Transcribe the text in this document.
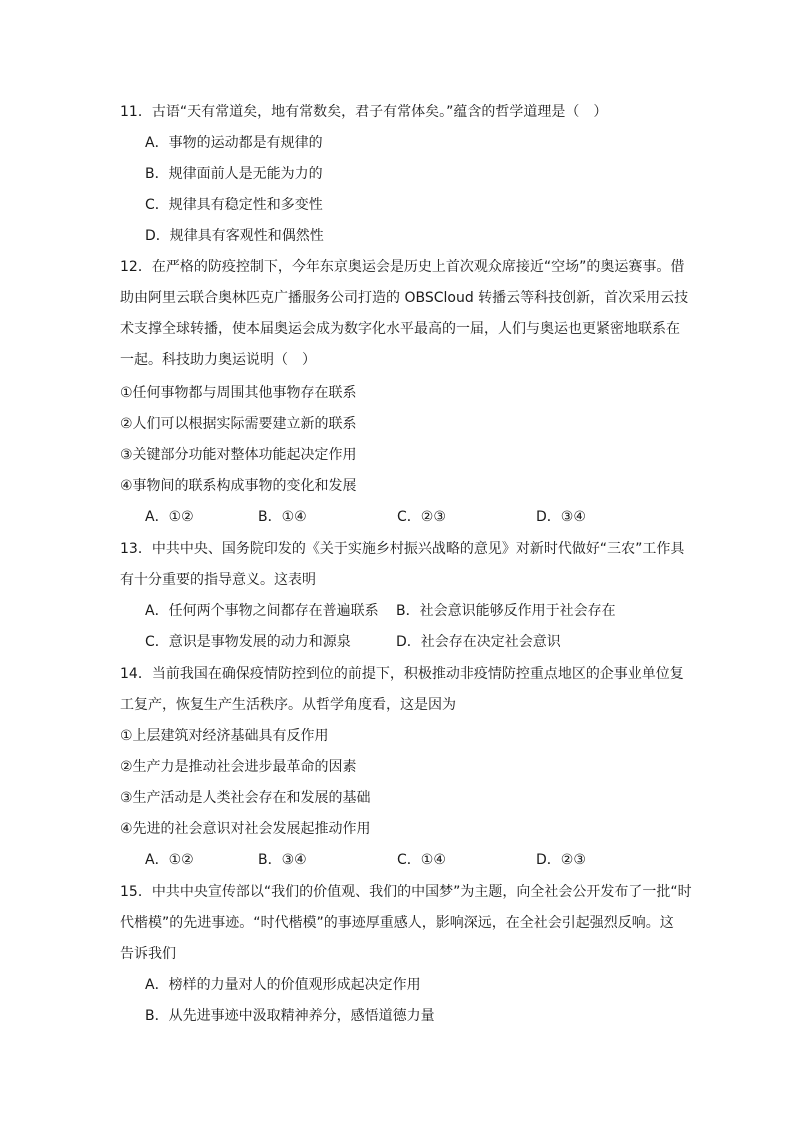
11．古语“天有常道矣，地有常数矣，君子有常体矣。”蕴含的哲学道理是（　）
A．事物的运动都是有规律的
B．规律面前人是无能为力的
C．规律具有稳定性和多变性
D．规律具有客观性和偶然性
12．在严格的防疫控制下，今年东京奥运会是历史上首次观众席接近“空场”的奥运赛事。借
助由阿里云联合奥林匹克广播服务公司打造的 OBSCloud 转播云等科技创新，首次采用云技
术支撑全球转播，使本届奥运会成为数字化水平最高的一届，人们与奥运也更紧密地联系在
一起。科技助力奥运说明（　）
①任何事物都与周围其他事物存在联系
②人们可以根据实际需要建立新的联系
③关键部分功能对整体功能起决定作用
④事物间的联系构成事物的变化和发展
A．①②	B．①④	C．②③	D．③④
13．中共中央、国务院印发的《关于实施乡村振兴战略的意见》对新时代做好“三农”工作具
有十分重要的指导意义。这表明
A．任何两个事物之间都存在普遍联系 B．社会意识能够反作用于社会存在
C．意识是事物发展的动力和源泉	D．社会存在决定社会意识
14．当前我国在确保疫情防控到位的前提下，积极推动非疫情防控重点地区的企事业单位复
工复产，恢复生产生活秩序。从哲学角度看，这是因为
①上层建筑对经济基础具有反作用
②生产力是推动社会进步最革命的因素
③生产活动是人类社会存在和发展的基础
④先进的社会意识对社会发展起推动作用
A．①②	B．③④	C．①④	D．②③
15．中共中央宣传部以“我们的价值观、我们的中国梦”为主题，向全社会公开发布了一批“时
代楷模”的先进事迹。“时代楷模”的事迹厚重感人，影响深远，在全社会引起强烈反响。这
告诉我们
A．榜样的力量对人的价值观形成起决定作用
B．从先进事迹中汲取精神养分，感悟道德力量
